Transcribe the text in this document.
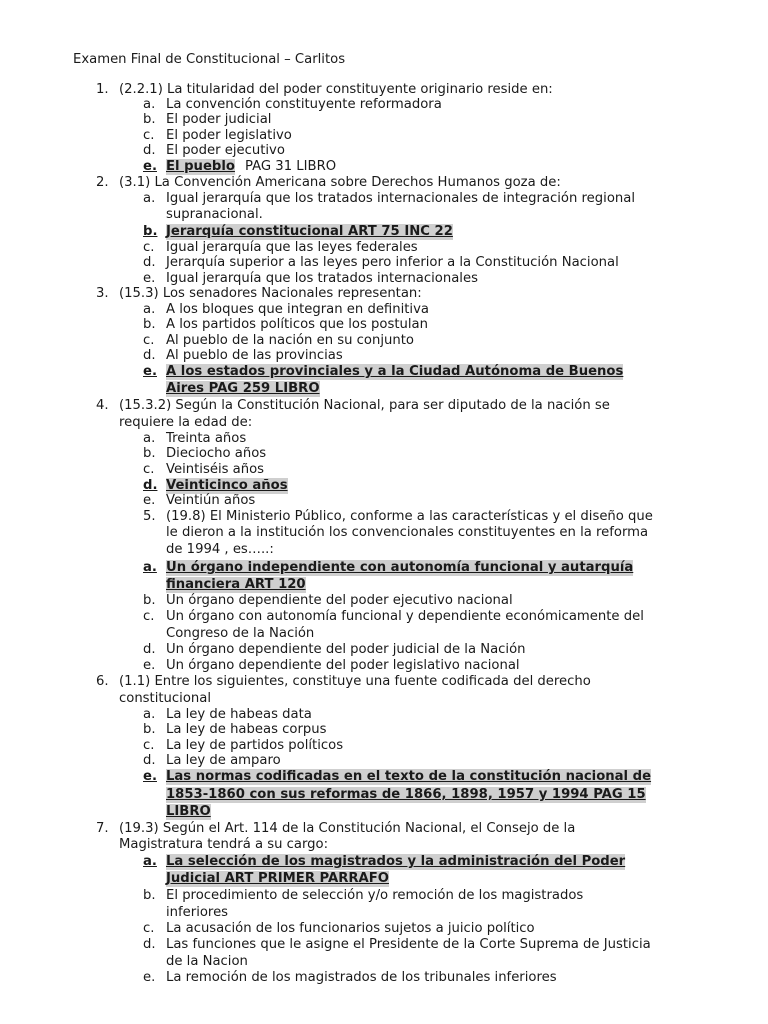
Examen Final de Constitucional – Carlitos
1. (2.2.1) La titularidad del poder constituyente originario reside en:
a. La convención constituyente reformadora
b. El poder judicial
c. El poder legislativo
d. El poder ejecutivo
e. El pueblo PAG 31 LIBRO
2. (3.1) La Convención Americana sobre Derechos Humanos goza de:
a. Igual jerarquía que los tratados internacionales de integración regional
supranacional.
b. Jerarquía constitucional ART 75 INC 22
c. Igual jerarquía que las leyes federales
d. Jerarquía superior a las leyes pero inferior a la Constitución Nacional
e. Igual jerarquía que los tratados internacionales
3. (15.3) Los senadores Nacionales representan:
a. A los bloques que integran en definitiva
b. A los partidos políticos que los postulan
c. Al pueblo de la nación en su conjunto
d. Al pueblo de las provincias
e. A los estados provinciales y a la Ciudad Autónoma de Buenos
Aires PAG 259 LIBRO
4. (15.3.2) Según la Constitución Nacional, para ser diputado de la nación se
requiere la edad de:
a. Treinta años
b. Dieciocho años
c. Veintiséis años
d. Veinticinco años
e. Veintiún años
5. (19.8) El Ministerio Público, conforme a las características y el diseño que
le dieron a la institución los convencionales constituyentes en la reforma
de 1994 , es…..:
a. Un órgano independiente con autonomía funcional y autarquía
financiera ART 120
b. Un órgano dependiente del poder ejecutivo nacional
c. Un órgano con autonomía funcional y dependiente económicamente del
Congreso de la Nación
d. Un órgano dependiente del poder judicial de la Nación
e. Un órgano dependiente del poder legislativo nacional
6. (1.1) Entre los siguientes, constituye una fuente codificada del derecho
constitucional
a. La ley de habeas data
b. La ley de habeas corpus
c. La ley de partidos políticos
d. La ley de amparo
e. Las normas codificadas en el texto de la constitución nacional de
1853-1860 con sus reformas de 1866, 1898, 1957 y 1994 PAG 15
LIBRO
7. (19.3) Según el Art. 114 de la Constitución Nacional, el Consejo de la
Magistratura tendrá a su cargo:
a. La selección de los magistrados y la administración del Poder
Judicial ART PRIMER PARRAFO
b. El procedimiento de selección y/o remoción de los magistrados
inferiores
c. La acusación de los funcionarios sujetos a juicio político
d. Las funciones que le asigne el Presidente de la Corte Suprema de Justicia
de la Nacion
e. La remoción de los magistrados de los tribunales inferiores
